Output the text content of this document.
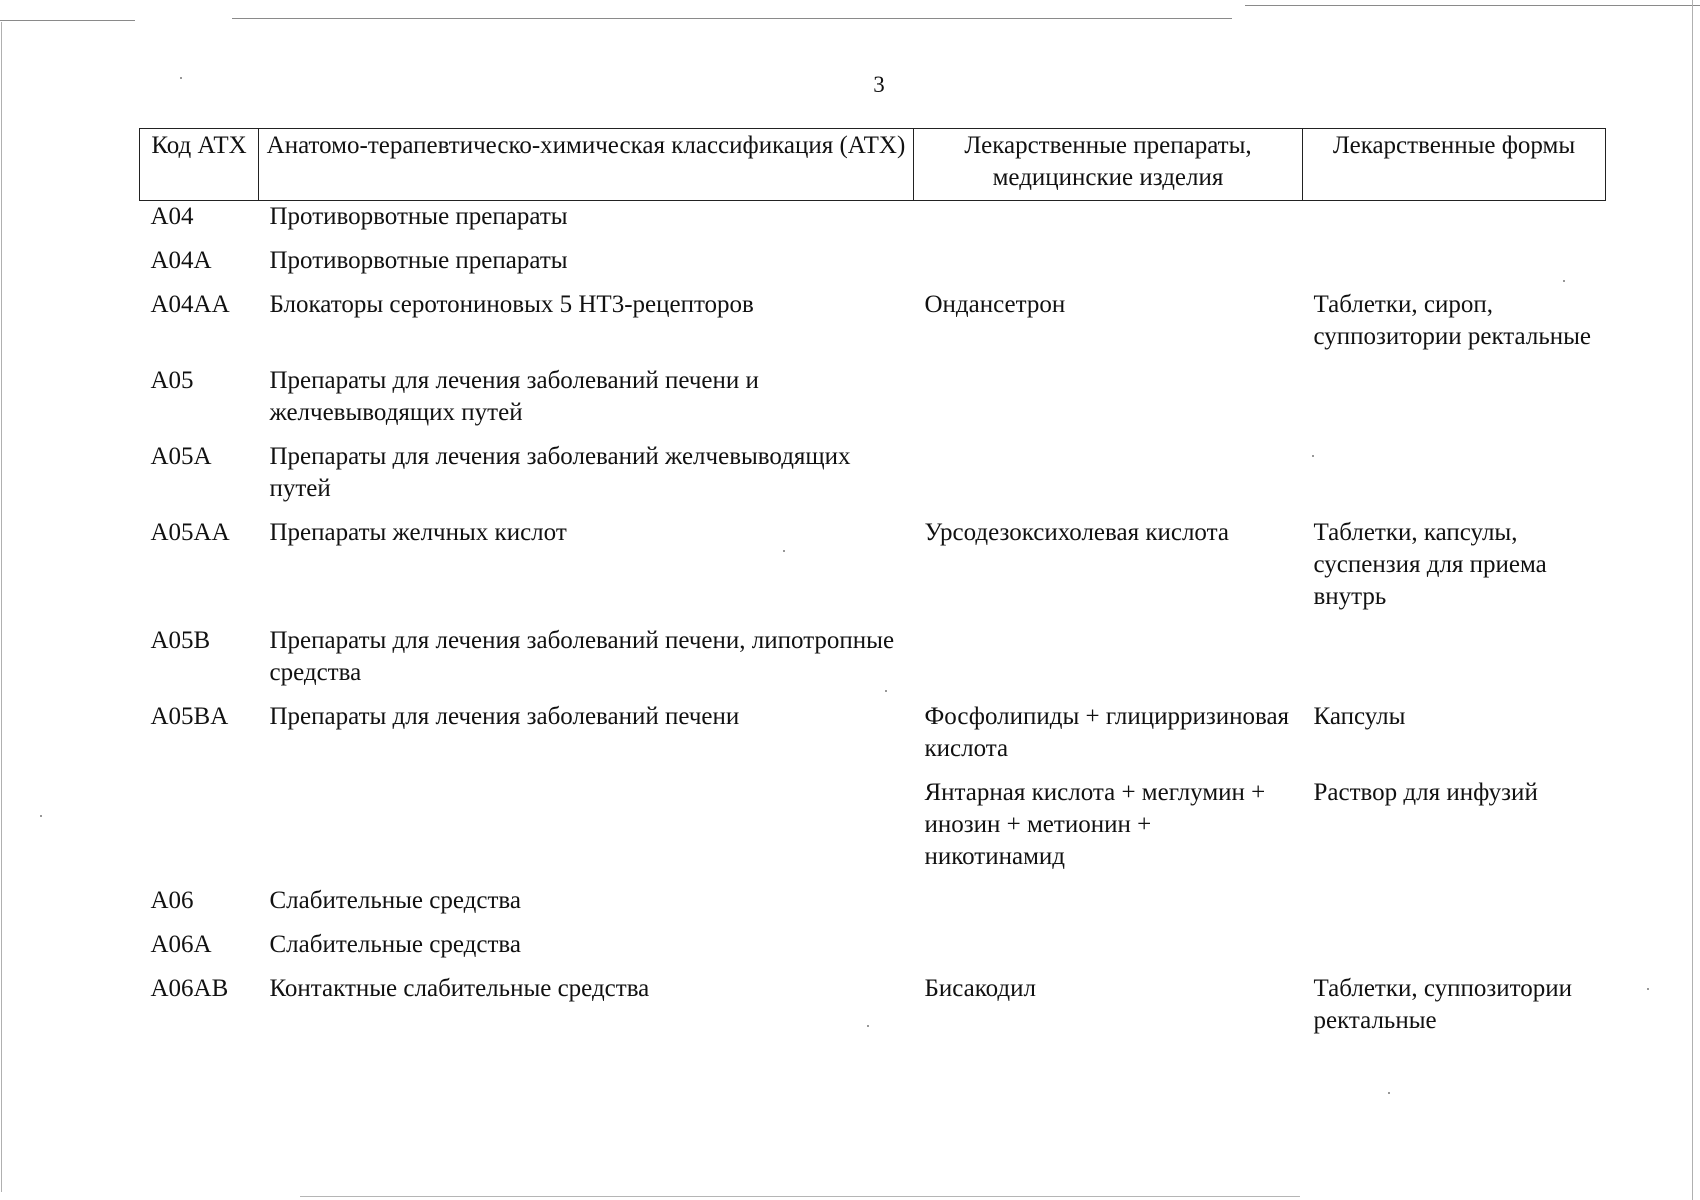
3
Код АТХ	Анатомо-терапевтическо-химическая классификация (АТХ)	Лекарственные препараты, медицинские изделия	Лекарственные формы
A04	Противорвотные препараты		
A04A	Противорвотные препараты		
A04AA	Блокаторы серотониновых 5 НТ3-рецепторов	Ондансетрон	Таблетки, сироп, суппозитории ректальные
A05	Препараты для лечения заболеваний печени и желчевыводящих путей		
A05A	Препараты для лечения заболеваний желчевыводящих путей		
A05AA	Препараты желчных кислот	Урсодезоксихолевая кислота	Таблетки, капсулы, суспензия для приема внутрь
A05B	Препараты для лечения заболеваний печени, липотропные средства		
A05BA	Препараты для лечения заболеваний печени	Фосфолипиды + глицирризиновая кислота	Капсулы
		Янтарная кислота + меглумин + инозин + метионин + никотинамид	Раствор для инфузий
A06	Слабительные средства		
A06A	Слабительные средства		
A06AB	Контактные слабительные средства	Бисакодил	Таблетки, суппозитории ректальные
